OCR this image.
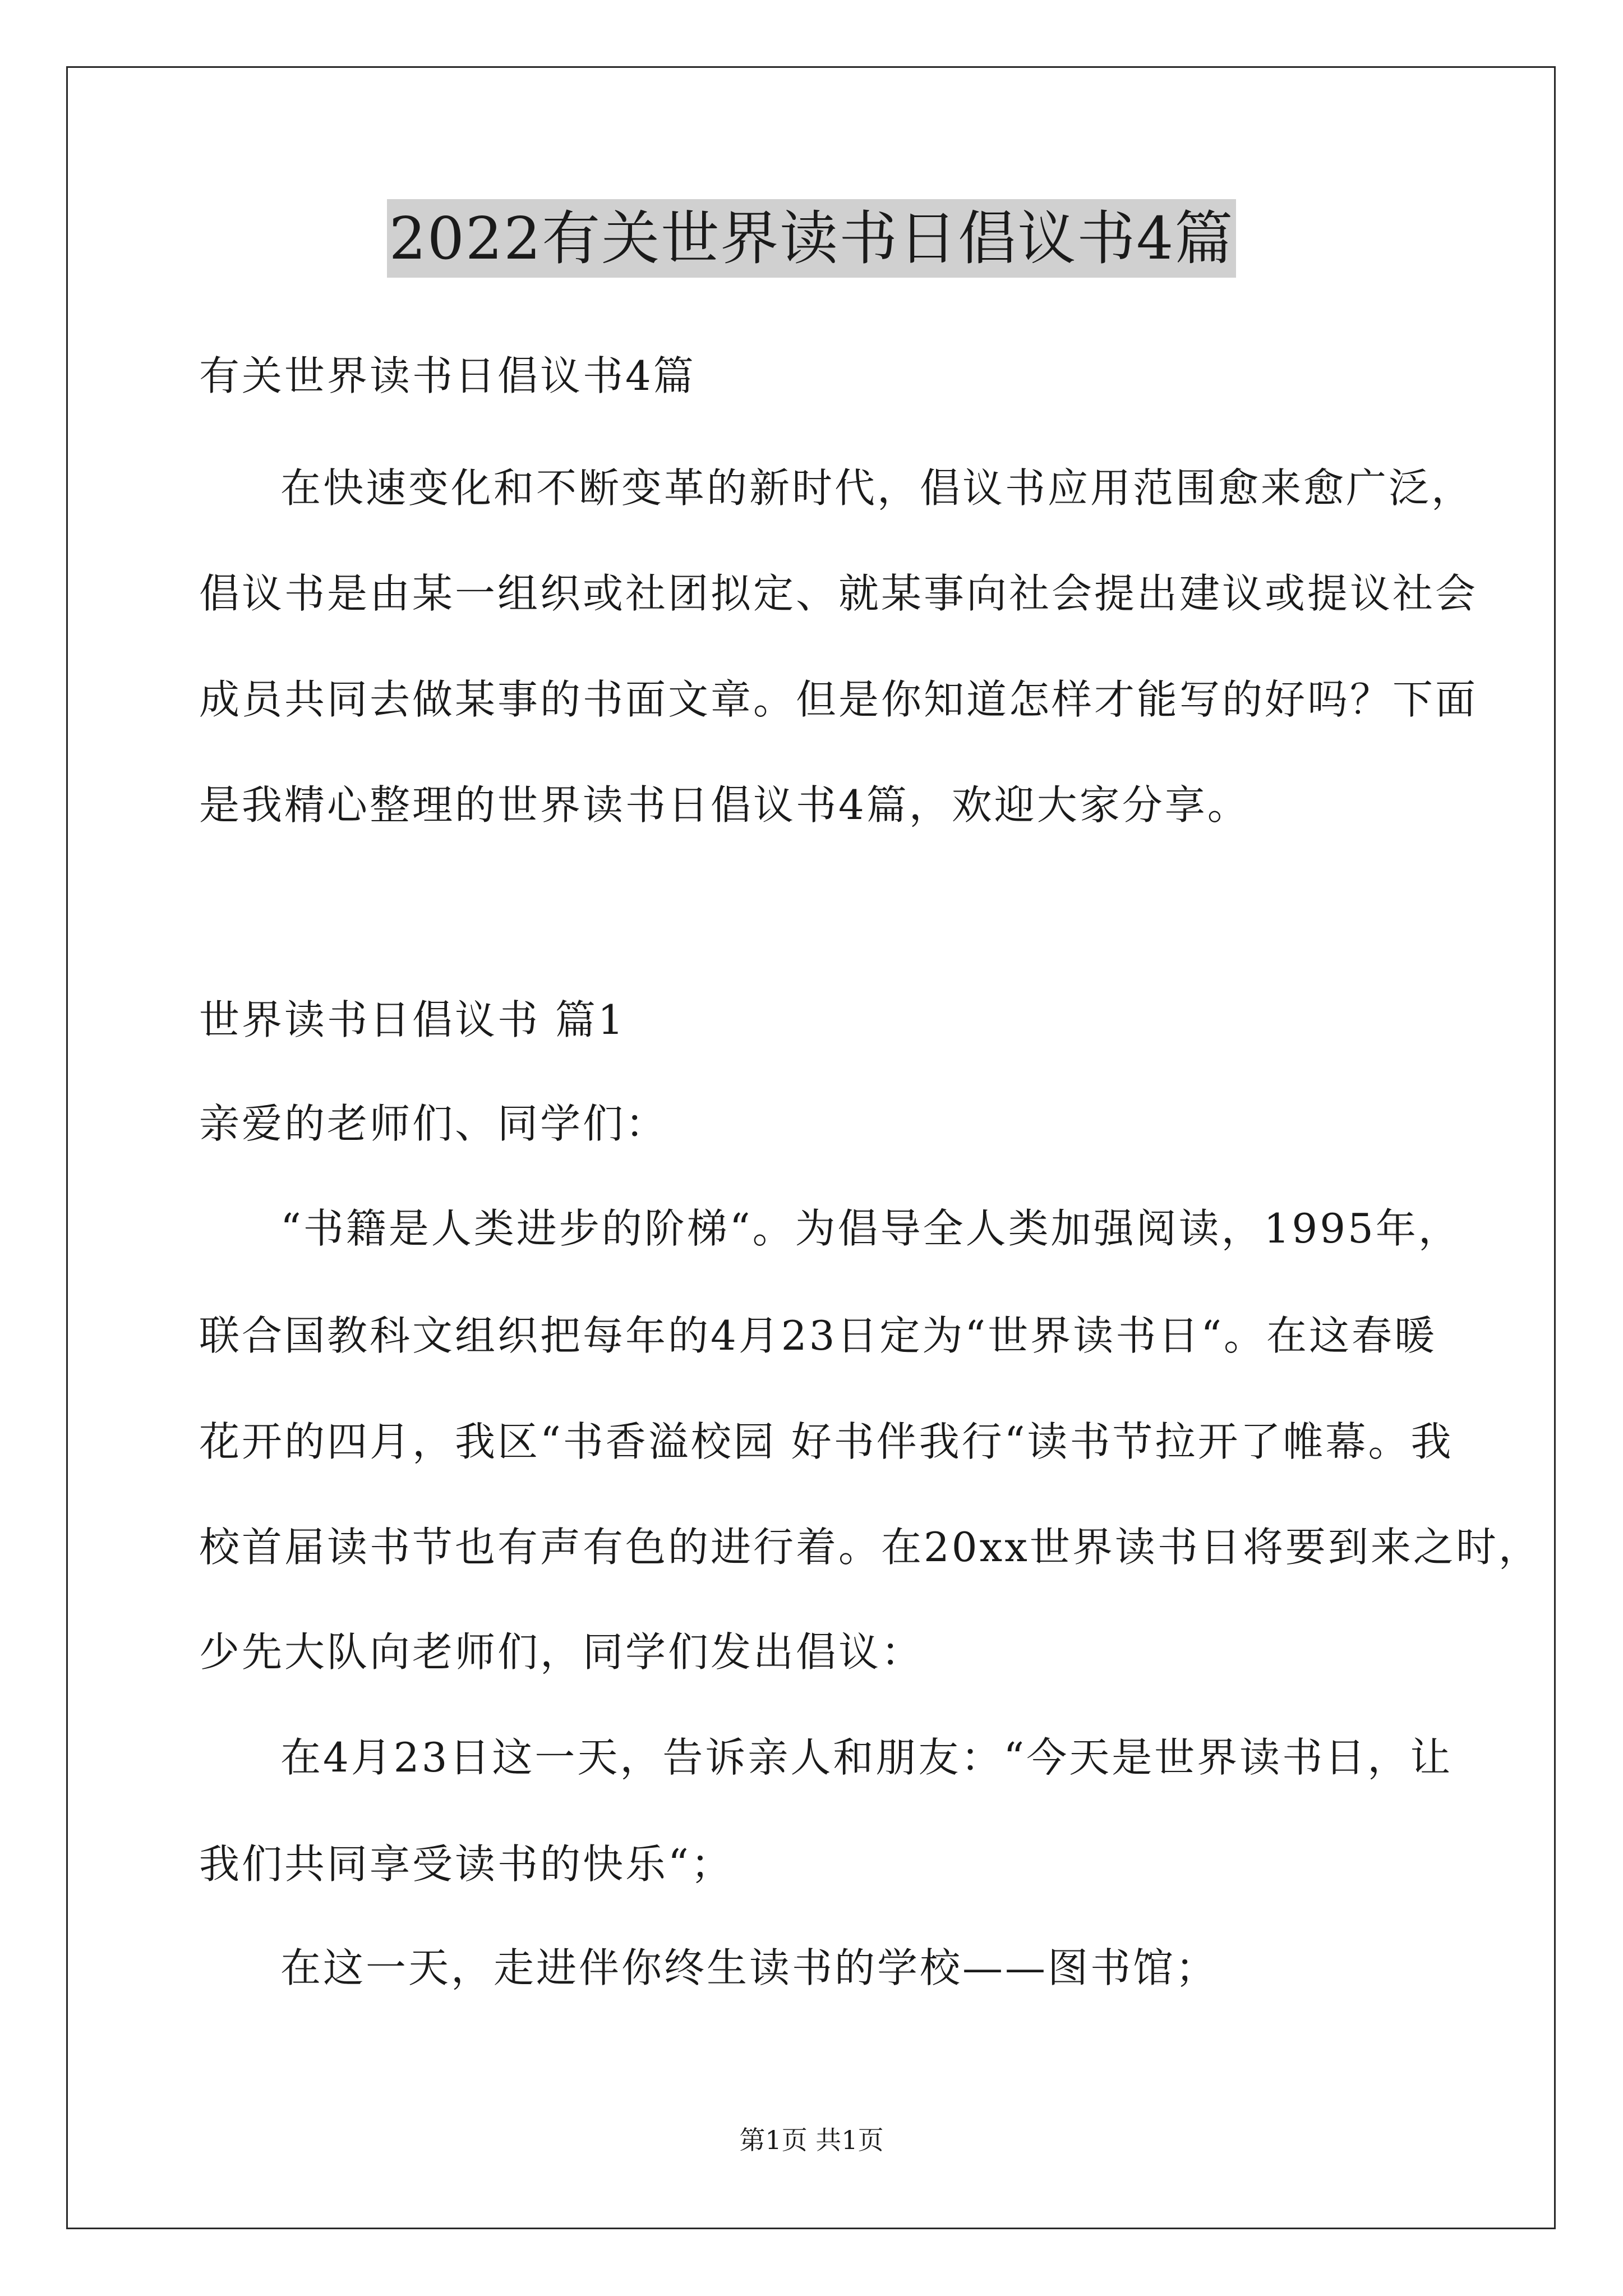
2022有关世界读书日倡议书4篇
有关世界读书日倡议书4篇
在快速变化和不断变革的新时代，倡议书应用范围愈来愈广泛，
倡议书是由某一组织或社团拟定、就某事向社会提出建议或提议社会
成员共同去做某事的书面文章。但是你知道怎样才能写的好吗？下面
是我精心整理的世界读书日倡议书4篇，欢迎大家分享。
世界读书日倡议书 篇1
亲爱的老师们、同学们：
“书籍是人类进步的阶梯“。为倡导全人类加强阅读，1995年，
联合国教科文组织把每年的4月23日定为“世界读书日“。在这春暖
花开的四月，我区“书香溢校园 好书伴我行“读书节拉开了帷幕。我
校首届读书节也有声有色的进行着。在20xx世界读书日将要到来之时，
少先大队向老师们，同学们发出倡议：
在4月23日这一天，告诉亲人和朋友：“今天是世界读书日，让
我们共同享受读书的快乐“；
在这一天，走进伴你终生读书的学校——图书馆；
第1页 共1页
